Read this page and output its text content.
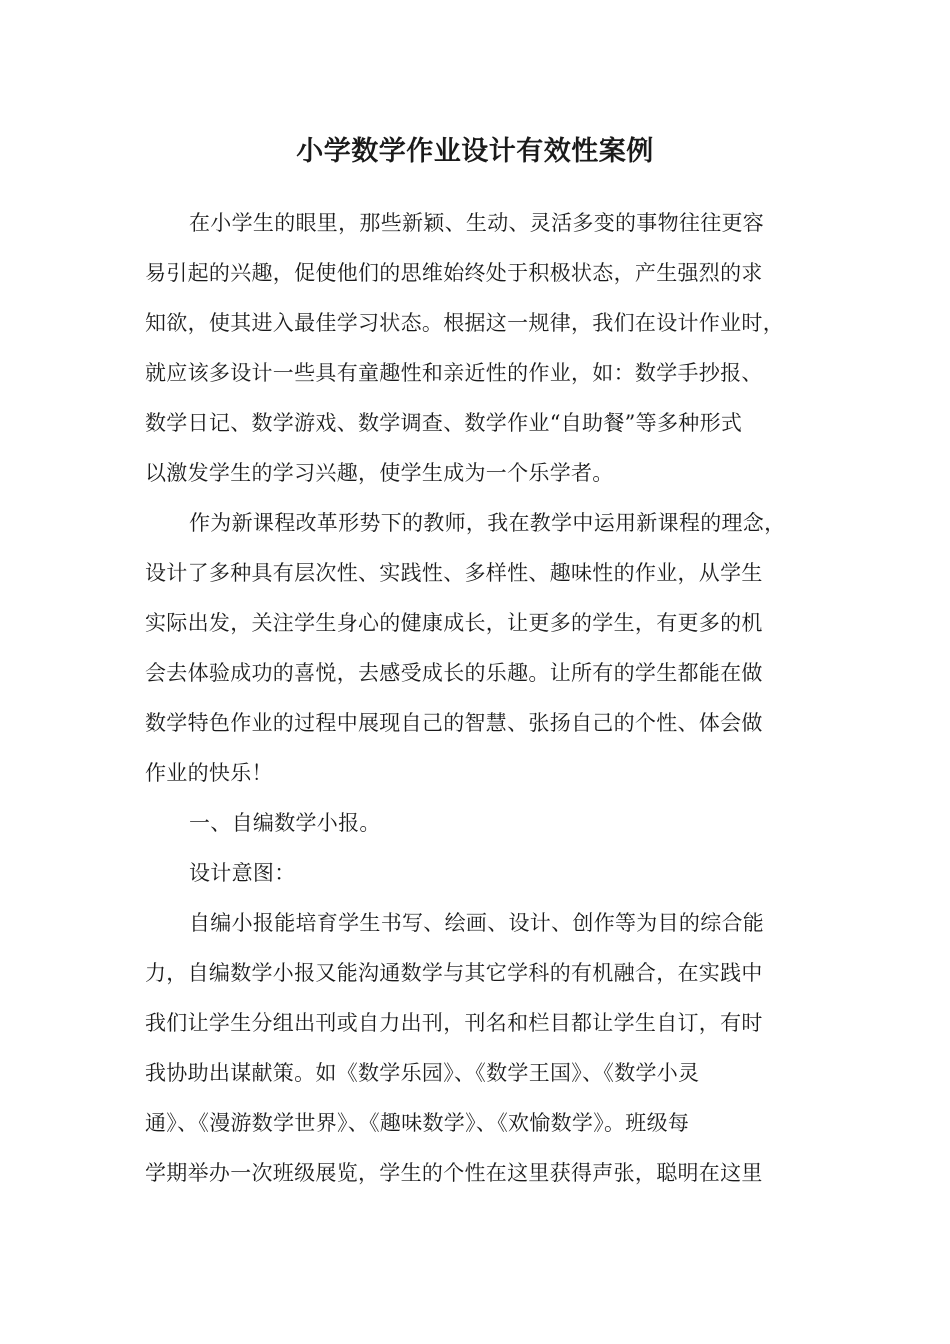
小学数学作业设计有效性案例

在小学生的眼里，那些新颖、生动、灵活多变的事物往往更容

易引起的兴趣，促使他们的思维始终处于积极状态，产生强烈的求

知欲，使其进入最佳学习状态。根据这一规律，我们在设计作业时，

就应该多设计一些具有童趣性和亲近性的作业，如：数学手抄报、

数学日记、数学游戏、数学调查、数学作业“自助餐”等多种形式

以激发学生的学习兴趣，使学生成为一个乐学者。

作为新课程改革形势下的教师，我在教学中运用新课程的理念，

设计了多种具有层次性、实践性、多样性、趣味性的作业，从学生

实际出发，关注学生身心的健康成长，让更多的学生，有更多的机

会去体验成功的喜悦，去感受成长的乐趣。让所有的学生都能在做

数学特色作业的过程中展现自己的智慧、张扬自己的个性、体会做

作业的快乐！

一、自编数学小报。

设计意图：

自编小报能培育学生书写、绘画、设计、创作等为目的综合能

力，自编数学小报又能沟通数学与其它学科的有机融合，在实践中

我们让学生分组出刊或自力出刊，刊名和栏目都让学生自订，有时

我协助出谋献策。如《数学乐园》、《数学王国》、《数学小灵

通》、《漫游数学世界》、《趣味数学》、《欢愉数学》。班级每

学期举办一次班级展览，学生的个性在这里获得声张，聪明在这里
